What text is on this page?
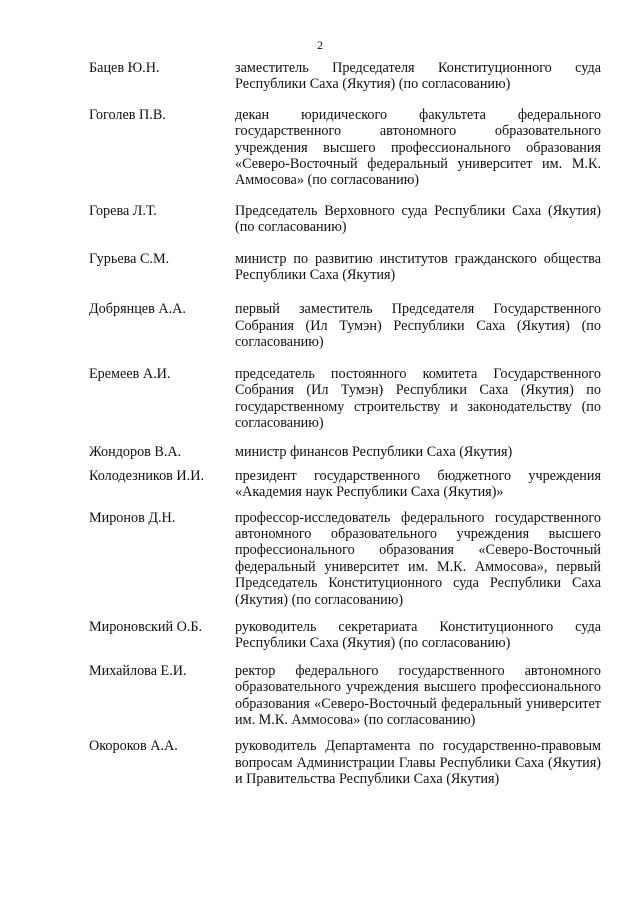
2
Бацев Ю.Н.	заместитель Председателя Конституционного суда Республики Саха (Якутия) (по согласованию)
Гоголев П.В.	декан юридического факультета федерального государственного автономного образовательного учреждения высшего профессионального образования «Северо-Восточный федеральный университет им. М.К. Аммосова» (по согласованию)
Горева Л.Т.	Председатель Верховного суда Республики Саха (Якутия) (по согласованию)
Гурьева С.М.	министр по развитию институтов гражданского общества Республики Саха (Якутия)
Добрянцев А.А.	первый заместитель Председателя Государственного Собрания (Ил Тумэн) Республики Саха (Якутия) (по согласованию)
Еремеев А.И.	председатель постоянного комитета Государственного Собрания (Ил Тумэн) Республики Саха (Якутия) по государственному строительству и законодательству (по согласованию)
Жондоров В.А.	министр финансов Республики Саха (Якутия)
Колодезников И.И.	президент государственного бюджетного учреждения «Академия наук Республики Саха (Якутия)»
Миронов Д.Н.	профессор-исследователь федерального государственного автономного образовательного учреждения высшего профессионального образования «Северо-Восточный федеральный университет им. М.К. Аммосова», первый Председатель Конституционного суда Республики Саха (Якутия) (по согласованию)
Мироновский О.Б.	руководитель секретариата Конституционного суда Республики Саха (Якутия) (по согласованию)
Михайлова Е.И.	ректор федерального государственного автономного образовательного учреждения высшего профессионального образования «Северо-Восточный федеральный университет им. М.К. Аммосова» (по согласованию)
Окороков А.А.	руководитель Департамента по государственно-правовым вопросам Администрации Главы Республики Саха (Якутия) и Правительства Республики Саха (Якутия)
